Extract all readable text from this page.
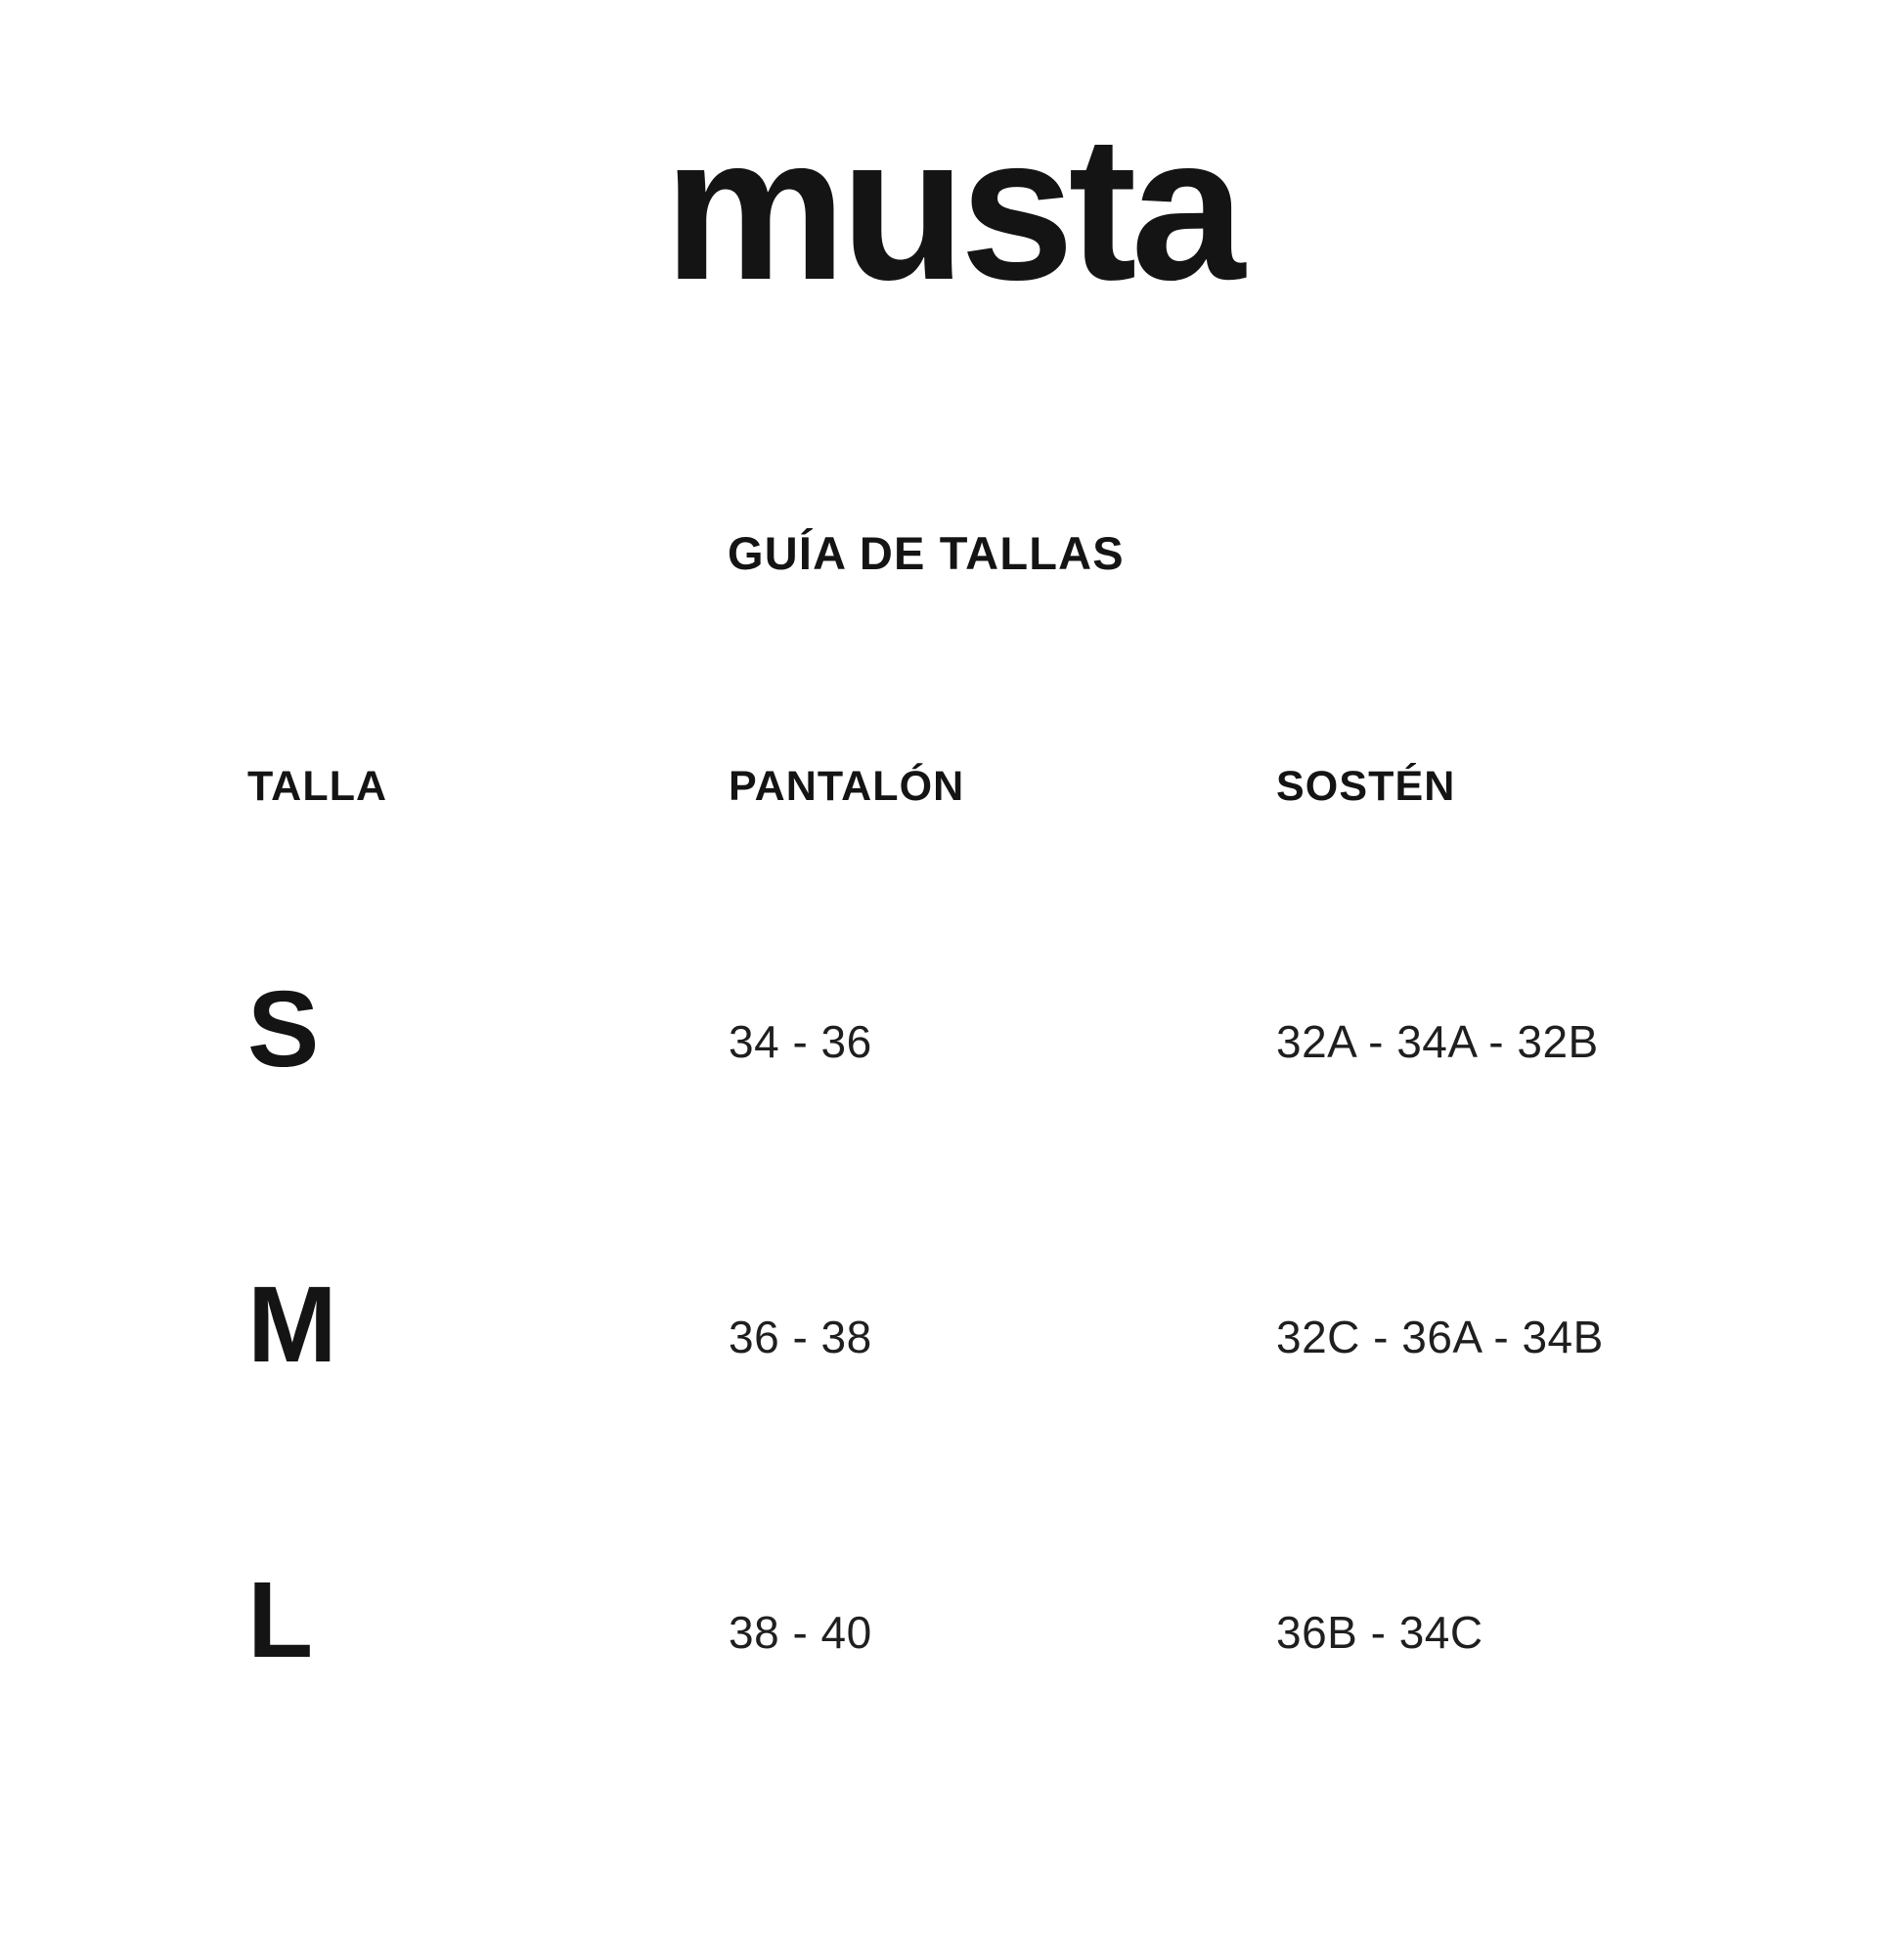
musta
GUÍA DE TALLAS
TALLA	PANTALÓN	SOSTÉN
S	34 - 36	32A - 34A - 32B
M	36 - 38	32C - 36A - 34B
L	38 - 40	36B - 34C
